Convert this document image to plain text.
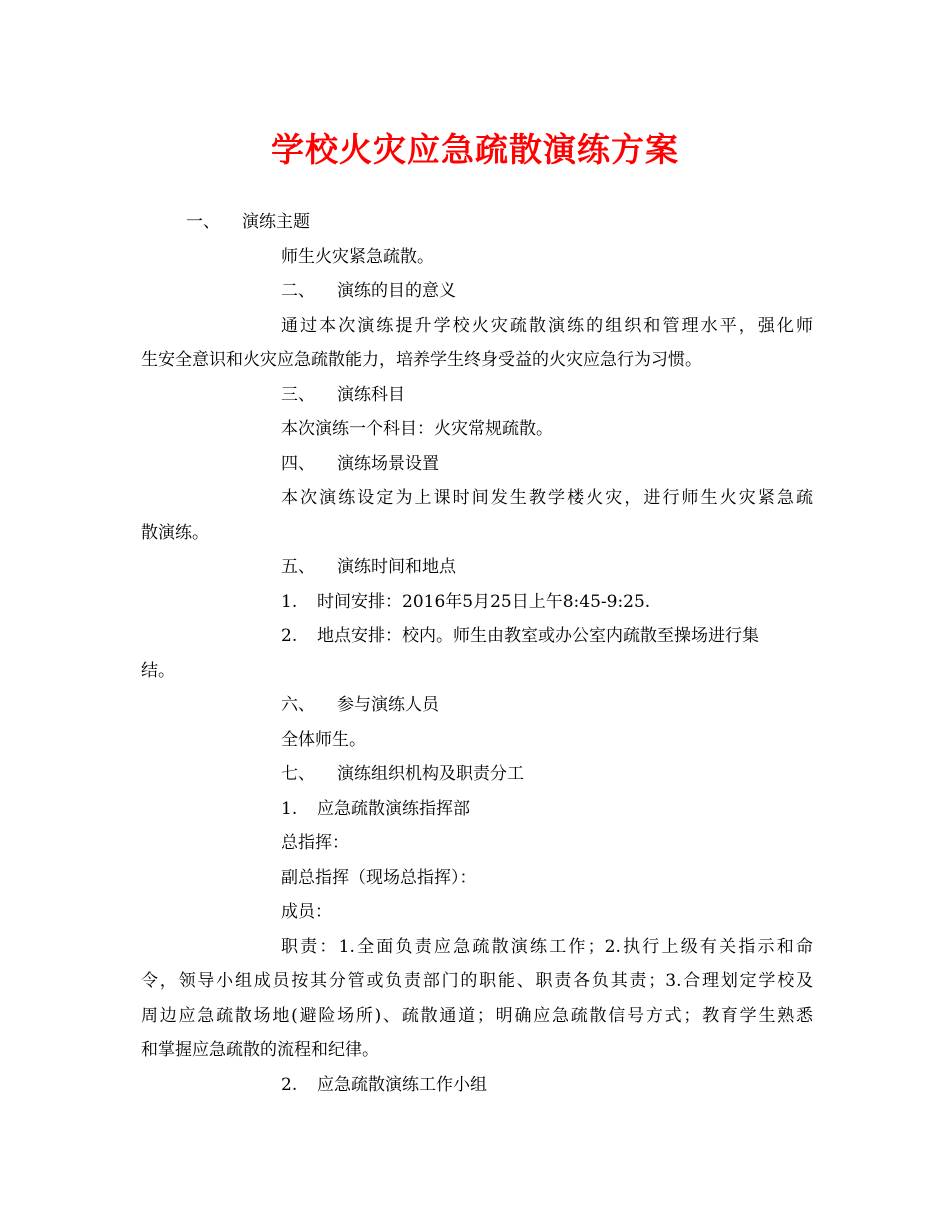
学校火灾应急疏散演练方案
一、 演练主题
师生火灾紧急疏散。
二、 演练的目的意义
通过本次演练提升学校火灾疏散演练的组织和管理水平，强化师
生安全意识和火灾应急疏散能力，培养学生终身受益的火灾应急行为习惯。
三、 演练科目
本次演练一个科目：火灾常规疏散。
四、 演练场景设置
本次演练设定为上课时间发生教学楼火灾，进行师生火灾紧急疏
散演练。
五、 演练时间和地点
1. 时间安排：2016年5月25日上午8:45-9:25.
2. 地点安排：校内。师生由教室或办公室内疏散至操场进行集
结。
六、 参与演练人员
全体师生。
七、 演练组织机构及职责分工
1. 应急疏散演练指挥部
总指挥：
副总指挥（现场总指挥）：
成员：
职责：1.全面负责应急疏散演练工作；2.执行上级有关指示和命
令，领导小组成员按其分管或负责部门的职能、职责各负其责；3.合理划定学校及
周边应急疏散场地(避险场所)、疏散通道；明确应急疏散信号方式；教育学生熟悉
和掌握应急疏散的流程和纪律。
2. 应急疏散演练工作小组
